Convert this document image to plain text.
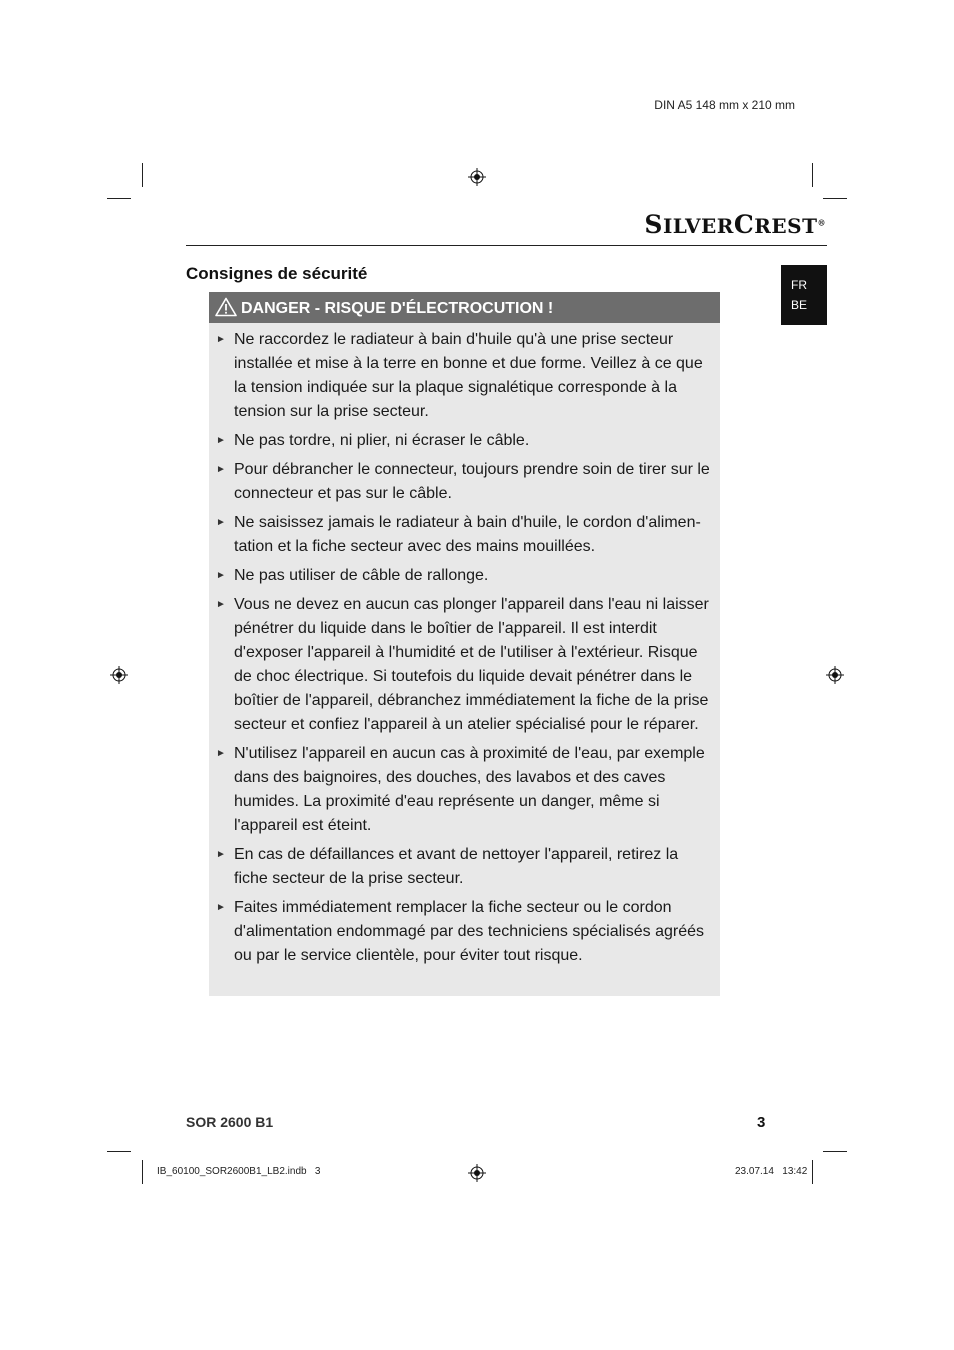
DIN A5 148 mm x 210 mm
SILVERCREST®
Consignes de sécurité
FR
BE
DANGER - RISQUE D'ÉLECTROCUTION !
► Ne raccordez le radiateur à bain d'huile qu'à une prise secteur installée et mise à la terre en bonne et due forme. Veillez à ce que la tension indiquée sur la plaque signalétique corresponde à la tension sur la prise secteur.
► Ne pas tordre, ni plier, ni écraser le câble.
► Pour débrancher le connecteur, toujours prendre soin de tirer sur le connecteur et pas sur le câble.
► Ne saisissez jamais le radiateur à bain d'huile, le cordon d'alimen-tation et la fiche secteur avec des mains mouillées.
► Ne pas utiliser de câble de rallonge.
► Vous ne devez en aucun cas plonger l'appareil dans l'eau ni laisser pénétrer du liquide dans le boîtier de l'appareil. Il est interdit d'exposer l'appareil à l'humidité et de l'utiliser à l'extérieur. Risque de choc électrique. Si toutefois du liquide devait pénétrer dans le boîtier de l'appareil, débranchez immédiatement la fiche de la prise secteur et confiez l'appareil à un atelier spécialisé pour le réparer.
► N'utilisez l'appareil en aucun cas à proximité de l'eau, par exemple dans des baignoires, des douches, des lavabos et des caves humides. La proximité d'eau représente un danger, même si l'appareil est éteint.
► En cas de défaillances et avant de nettoyer l'appareil, retirez la fiche secteur de la prise secteur.
► Faites immédiatement remplacer la fiche secteur ou le cordon d'alimentation endommagé par des techniciens spécialisés agréés ou par le service clientèle, pour éviter tout risque.
SOR 2600 B1	3
IB_60100_SOR2600B1_LB2.indb   3	23.07.14   13:42
